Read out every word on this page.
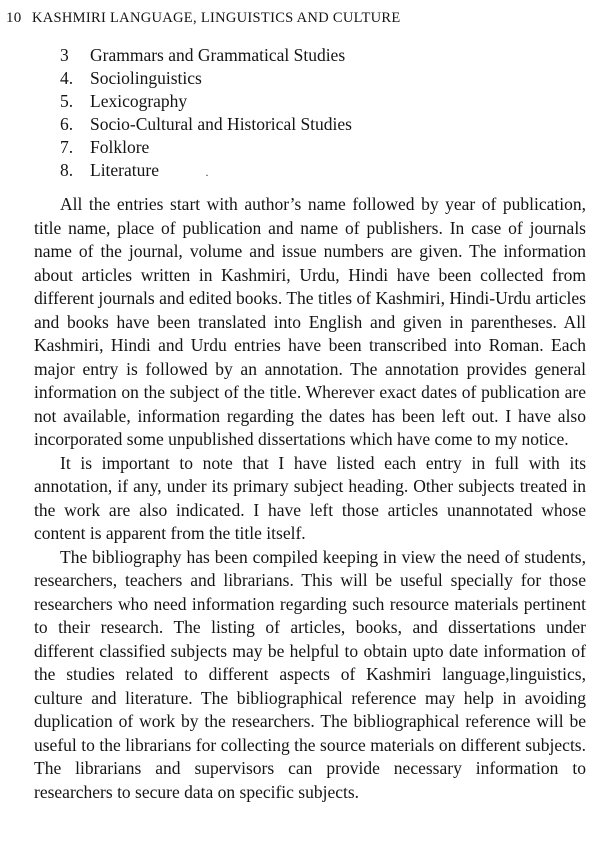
10 KASHMIRI LANGUAGE, LINGUISTICS AND CULTURE
3	Grammars and Grammatical Studies
4. Sociolinguistics
5. Lexicography
6. Socio-Cultural and Historical Studies
7. Folklore
8. Literature	·

All the entries start with author’s name followed by year of publication, title name, place of publication and name of publishers. In case of journals name of the journal, volume and issue numbers are given. The information about articles written in Kashmiri, Urdu, Hindi have been collected from different journals and edited books. The titles of Kashmiri, Hindi-Urdu articles and books have been translated into English and given in parentheses. All Kashmiri, Hindi and Urdu entries have been transcribed into Roman. Each major entry is followed by an annotation. The annotation provides general information on the subject of the title. Wherever exact dates of publication are not available, information regarding the dates has been left out. I have also incorporated some unpublished dissertations which have come to my notice.

It is important to note that I have listed each entry in full with its annotation, if any, under its primary subject heading. Other subjects treated in the work are also indicated. I have left those articles unannotated whose content is apparent from the title itself.

The bibliography has been compiled keeping in view the need of students, researchers, teachers and librarians. This will be useful specially for those researchers who need information regarding such resource materials pertinent to their research. The listing of articles, books, and dissertations under different classified subjects may be helpful to obtain upto date information of the studies related to different aspects of Kashmiri language,linguistics, culture and literature. The bibliographical reference may help in avoiding duplication of work by the researchers. The bibliographical reference will be useful to the librarians for collecting the source materials on different subjects. The librarians and supervisors can provide necessary information to researchers to secure data on specific subjects.
